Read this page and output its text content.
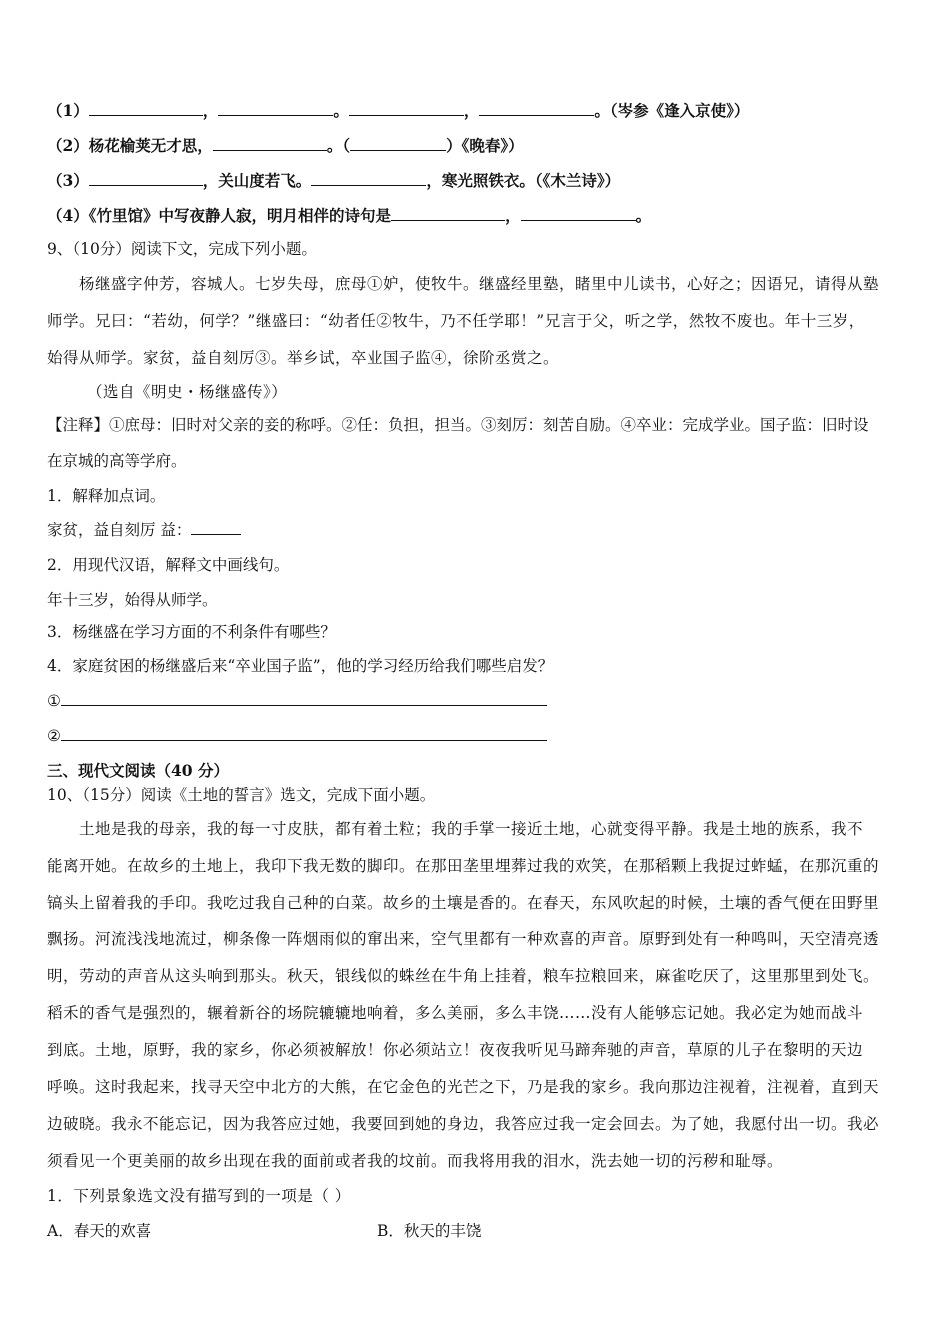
（1）	，	。	，	。（岑参《逢入京使》）
（2）杨花榆荚无才思，	。（	）《晚春》）
（3）	，关山度若飞。	，寒光照铁衣。（《木兰诗》）
（4）《竹里馆》中写夜静人寂，明月相伴的诗句是	，	。
9、（10分）阅读下文，完成下列小题。
杨继盛字仲芳，容城人。七岁失母，庶母①妒，使牧牛。继盛经里塾，睹里中儿读书，心好之；因语兄，请得从塾
师学。兄曰：“若幼，何学？”继盛曰：“幼者任②牧牛，乃不任学耶！”兄言于父，听之学，然牧不废也。年十三岁，
始得从师学。家贫，益自刻厉③。举乡试，卒业国子监④，徐阶丞赏之。
（选自《明史・杨继盛传》）
【注释】①庶母：旧时对父亲的妾的称呼。②任：负担，担当。③刻厉：刻苦自励。④卒业：完成学业。国子监：旧时设
在京城的高等学府。
1．解释加点词。
家贫，益自刻厉 益：
2．用现代汉语，解释文中画线句。
年十三岁，始得从师学。
3．杨继盛在学习方面的不利条件有哪些？
4．家庭贫困的杨继盛后来“卒业国子监”，他的学习经历给我们哪些启发？
①
②
三、现代文阅读（40 分）
10、（15分）阅读《土地的誓言》选文，完成下面小题。
土地是我的母亲，我的每一寸皮肤，都有着土粒；我的手掌一接近土地，心就变得平静。我是土地的族系，我不
能离开她。在故乡的土地上，我印下我无数的脚印。在那田垄里埋葬过我的欢笑，在那稻颗上我捉过蚱蜢，在那沉重的
镐头上留着我的手印。我吃过我自己种的白菜。故乡的土壤是香的。在春天，东风吹起的时候，土壤的香气便在田野里
飘扬。河流浅浅地流过，柳条像一阵烟雨似的窜出来，空气里都有一种欢喜的声音。原野到处有一种鸣叫，天空清亮透
明，劳动的声音从这头响到那头。秋天，银线似的蛛丝在牛角上挂着，粮车拉粮回来，麻雀吃厌了，这里那里到处飞。
稻禾的香气是强烈的，辗着新谷的场院辘辘地响着，多么美丽，多么丰饶……没有人能够忘记她。我必定为她而战斗
到底。土地，原野，我的家乡，你必须被解放！你必须站立！夜夜我听见马蹄奔驰的声音，草原的儿子在黎明的天边
呼唤。这时我起来，找寻天空中北方的大熊，在它金色的光芒之下，乃是我的家乡。我向那边注视着，注视着，直到天
边破晓。我永不能忘记，因为我答应过她，我要回到她的身边，我答应过我一定会回去。为了她，我愿付出一切。我必
须看见一个更美丽的故乡出现在我的面前或者我的坟前。而我将用我的泪水，洗去她一切的污秽和耻辱。
1．下列景象选文没有描写到的一项是（ ）
A．春天的欢喜	B．秋天的丰饶
